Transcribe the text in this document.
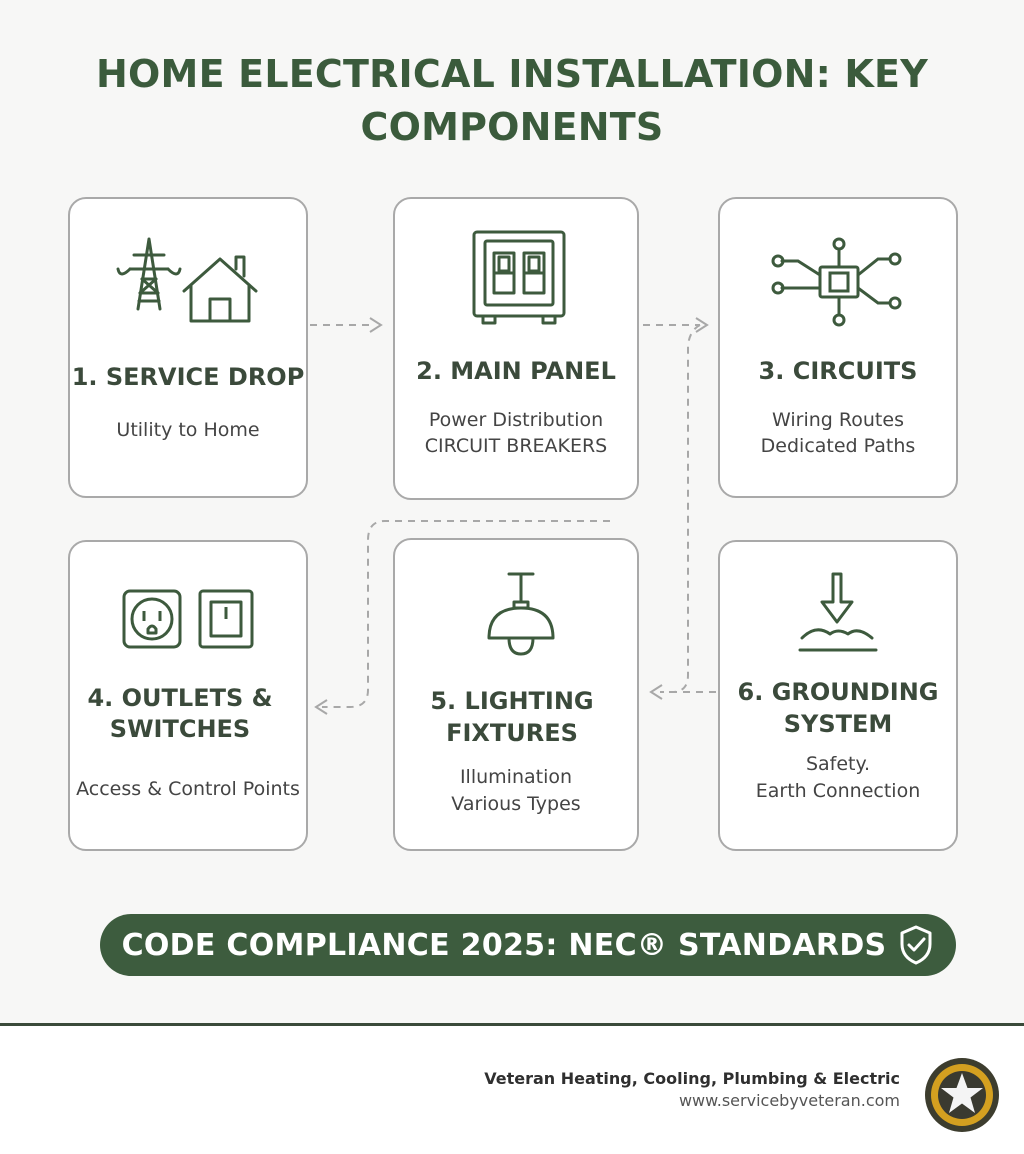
HOME ELECTRICAL INSTALLATION: KEY COMPONENTS
1. SERVICE DROP
Utility to Home
2. MAIN PANEL
Power Distribution
CIRCUIT BREAKERS
3. CIRCUITS
Wiring Routes
Dedicated Paths
4. OUTLETS &
SWITCHES
Access & Control Points
5. LIGHTING
FIXTURES
Illumination
Various Types
6. GROUNDING
SYSTEM
Safety.
Earth Connection
CODE COMPLIANCE 2025: NEC® STANDARDS
Veteran Heating, Cooling, Plumbing & Electric
www.servicebyveteran.com
